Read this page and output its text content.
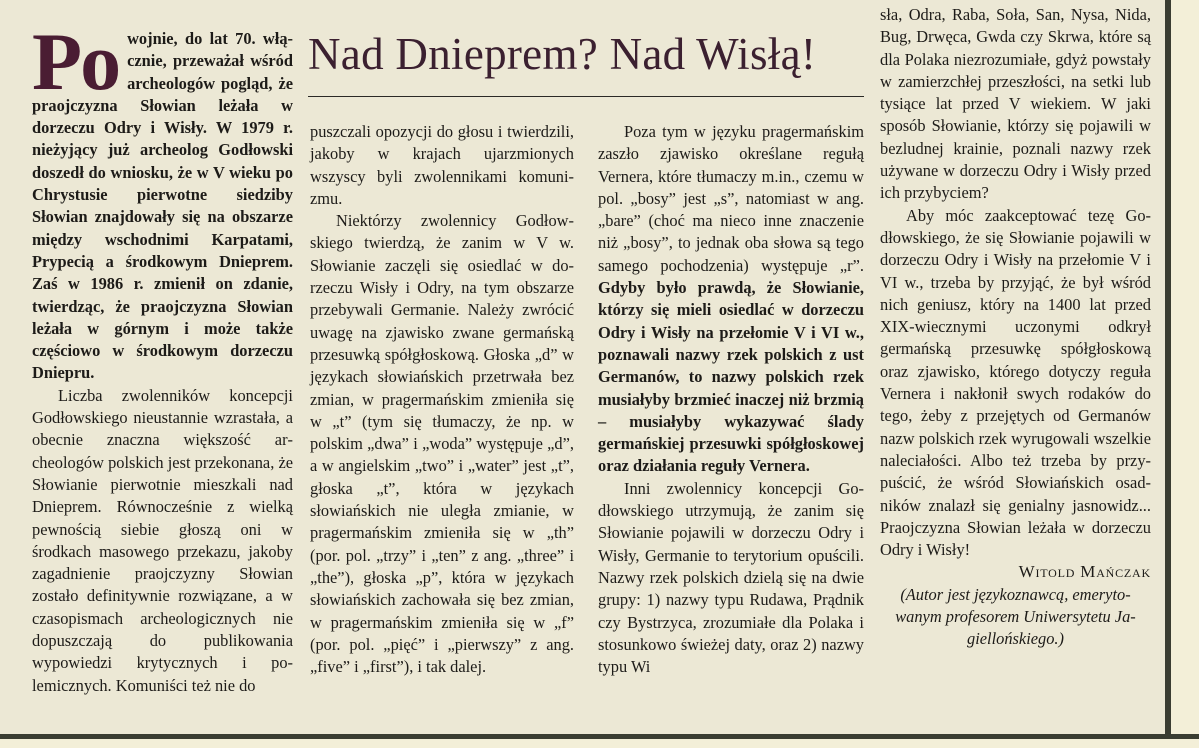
Nad Dnieprem? Nad Wisłą!

Po wojnie, do lat 70. włącznie, przeważał wśród archeologów pogląd, że praojczyzna Słowian leżała w dorzeczu Odry i Wisły. W 1979 r. nieżyjący już archeolog Godłowski doszedł do wniosku, że w V wieku po Chrystusie pierwotne siedziby Słowian znajdowały się na obszarze między wschodnimi Karpatami, Prypecią a środkowym Dnieprem. Zaś w 1986 r. zmienił on zdanie, twierdząc, że praojczyzna Słowian leżała w górnym i może także częściowo w środkowym dorzeczu Dniepru.

Liczba zwolenników koncepcji Godłowskiego nieustannie wzrastała, a obecnie znaczna większość archeologów polskich jest przekonana, że Słowianie pierwotnie mieszkali nad Dnieprem. Równocześnie z wielką pewnością siebie głoszą oni w środkach masowego przekazu, jakoby zagadnienie praojczyzny Słowian zostało definitywnie rozwiązane, a w czasopismach archeologicznych nie dopuszczają do publikowania wypowiedzi krytycznych i polemicznych. Komuniści też nie do

puszczali opozycji do głosu i twierdzili, jakoby w krajach ujarzmionych wszyscy byli zwolennikami komunizmu.

Niektórzy zwolennicy Godłowskiego twierdzą, że zanim w V w. Słowianie zaczęli się osiedlać w dorzeczu Wisły i Odry, na tym obszarze przebywali Germanie. Należy zwrócić uwagę na zjawisko zwane germańską przesuwką spółgłoskową. Głoska „d” w językach słowiańskich przetrwała bez zmian, w pragermańskim zmieniła się w „t” (tym się tłumaczy, że np. w polskim „dwa” i „woda” występuje „d”, a w angielskim „two” i „water” jest „t”, głoska „t”, która w językach słowiańskich nie uległa zmianie, w pragermańskim zmieniła się w „th” (por. pol. „trzy” i „ten” z ang. „three” i „the”), głoska „p”, która w językach słowiańskich zachowała się bez zmian, w pragermańskim zmieniła się w „f” (por. pol. „pięć” i „pierwszy” z ang. „five” i „first”), i tak dalej.

Poza tym w języku pragermańskim zaszło zjawisko określane regułą Vernera, które tłumaczy m.in., czemu w pol. „bosy” jest „s”, natomiast w ang. „bare” (choć ma nieco inne znaczenie niż „bosy”, to jednak oba słowa są tego samego pochodzenia) występuje „r”. Gdyby było prawdą, że Słowianie, którzy się mieli osiedlać w dorzeczu Odry i Wisły na przełomie V i VI w., poznawali nazwy rzek polskich z ust Germanów, to nazwy polskich rzek musiałyby brzmieć inaczej niż brzmią – musiałyby wykazywać ślady germańskiej przesuwki spółgłoskowej oraz działania reguły Vernera.

Inni zwolennicy koncepcji Godłowskiego utrzymują, że zanim się Słowianie pojawili w dorzeczu Odry i Wisły, Germanie to terytorium opuścili. Nazwy rzek polskich dzielą się na dwie grupy: 1) nazwy typu Rudawa, Prądnik czy Bystrzyca, zrozumiałe dla Polaka i stosunkowo świeżej daty, oraz 2) nazwy typu Wi

sła, Odra, Raba, Soła, San, Nysa, Nida, Bug, Drwęca, Gwda czy Skrwa, które są dla Polaka niezrozumiałe, gdyż powstały w zamierzchłej przeszłości, na setki lub tysiące lat przed V wiekiem. W jaki sposób Słowianie, którzy się pojawili w bezludnej krainie, poznali nazwy rzek używane w dorzeczu Odry i Wisły przed ich przybyciem?

Aby móc zaakceptować tezę Godłowskiego, że się Słowianie pojawili w dorzeczu Odry i Wisły na przełomie V i VI w., trzeba by przyjąć, że był wśród nich geniusz, który na 1400 lat przed XIX-wiecznymi uczonymi odkrył germańską przesuwkę spółgłoskową oraz zjawisko, którego dotyczy reguła Vernera i nakłonił swych rodaków do tego, żeby z przejętych od Germanów nazw polskich rzek wyrugowali wszelkie naleciałości. Albo też trzeba by przypuścić, że wśród Słowiańskich osadników znalazł się genialny jasnowidz... Praojczyzna Słowian leżała w dorzeczu Odry i Wisły!

Witold Mańczak

(Autor jest językoznawcą, emerytowanym profesorem Uniwersytetu Jagiellońskiego.)
